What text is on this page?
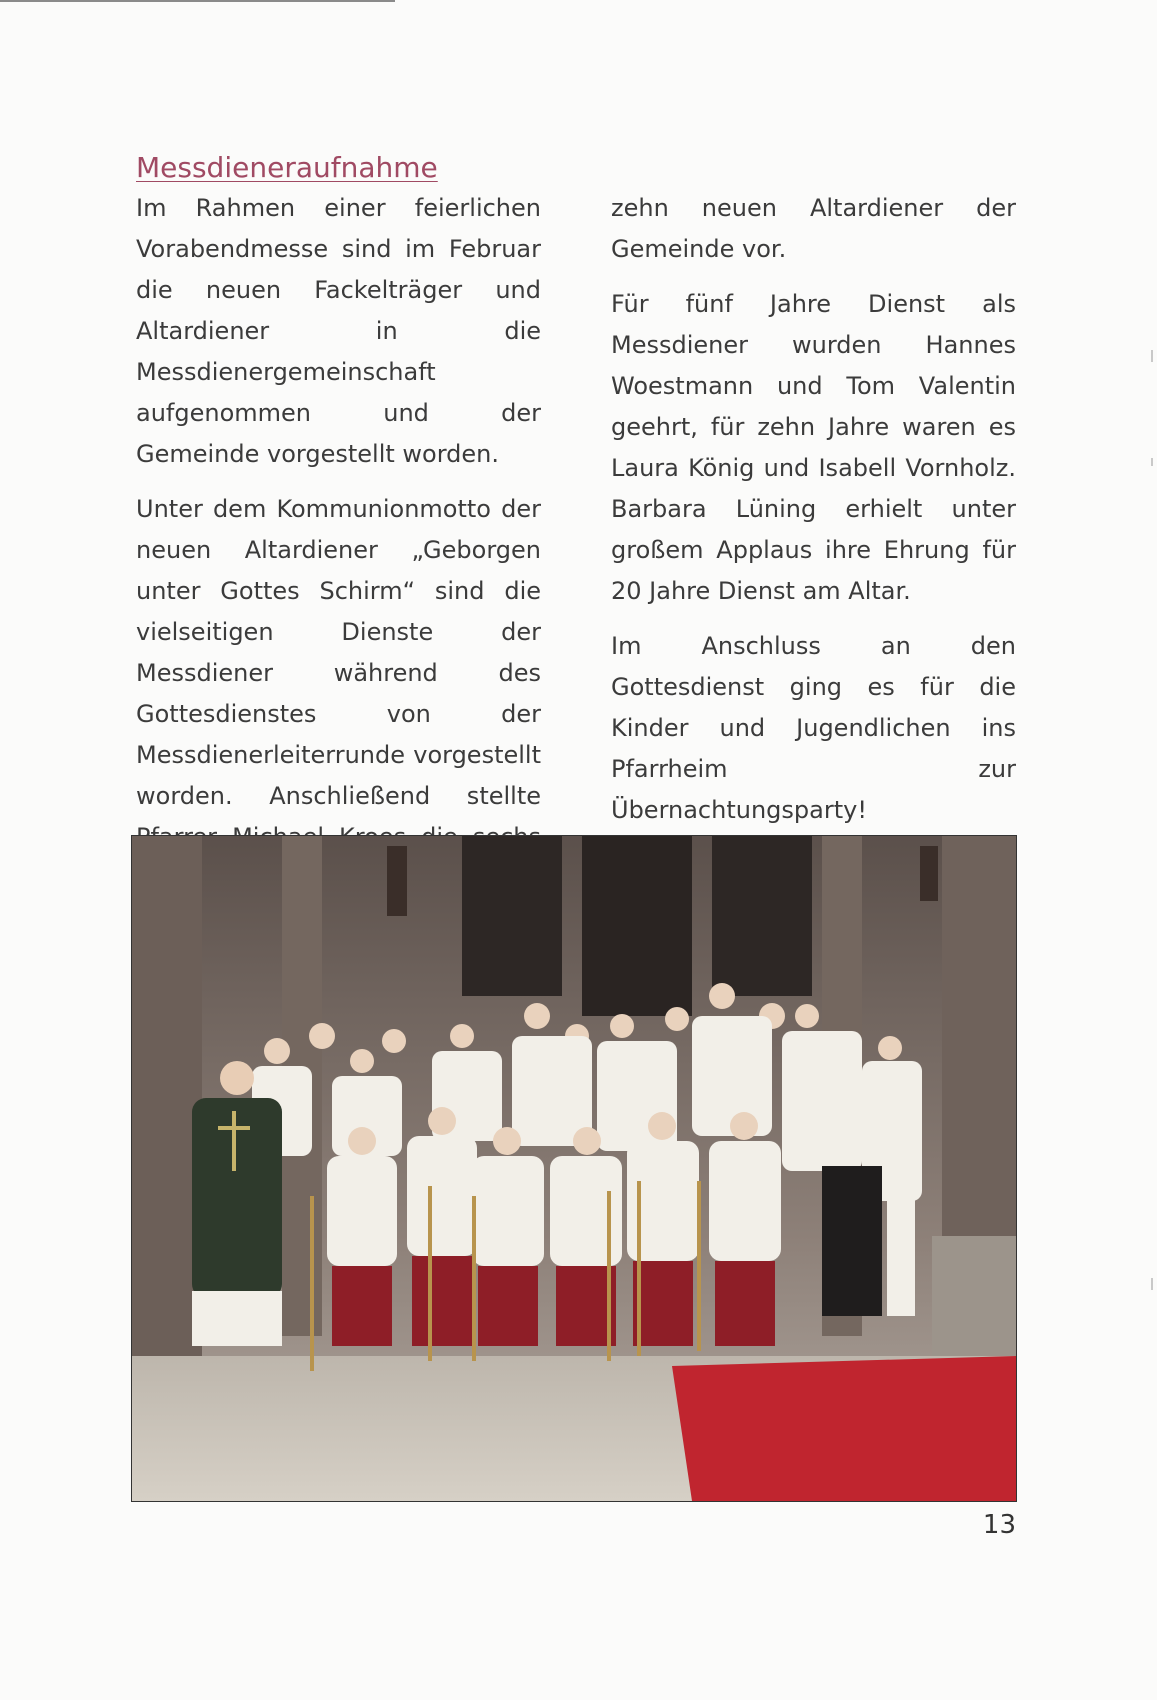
Messdieneraufnahme

Im Rahmen einer feierlichen Vorabendmesse sind im Februar die neuen Fackelträger und Altardiener in die Messdienergemeinschaft aufgenommen und der Gemeinde vorgestellt worden.

Unter dem Kommunionmotto der neuen Altardiener „Geborgen unter Gottes Schirm“ sind die vielseitigen Dienste der Messdiener während des Gottesdienstes von der Messdienerleiterrunde vorgestellt worden. Anschließend stellte

zehn neuen Altardiener der Gemeinde vor.

Für fünf Jahre Dienst als Messdiener wurden Hannes Woestmann und Tom Valentin geehrt, für zehn Jahre waren es Laura König und Isabell Vornholz. Barbara Lüning erhielt unter großem Applaus ihre Ehrung für 20 Jahre Dienst am Altar.

Im Anschluss an den Gottesdienst ging es für die Kinder und Jugendlichen ins Pfarrheim zur Übernachtungsparty!

13
